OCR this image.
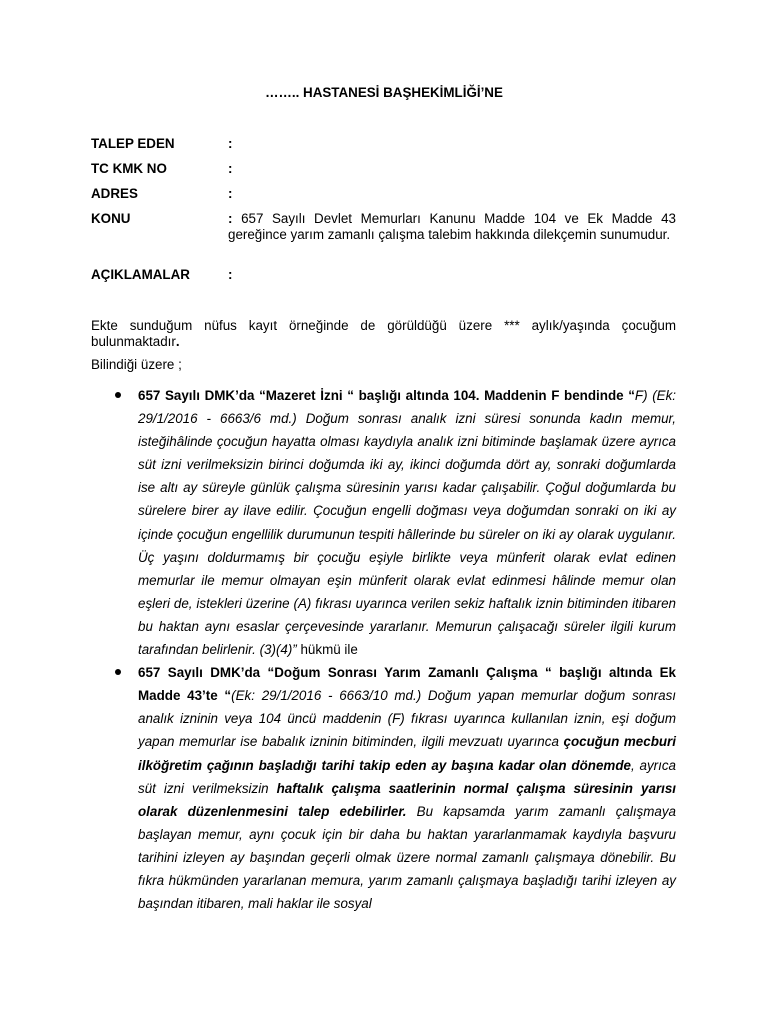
…….. HASTANESİ BAŞHEKİMLİĞİ’NE
TALEP EDEN	:
TC KMK NO	:
ADRES	:
KONU	: 657 Sayılı Devlet Memurları Kanunu Madde 104 ve Ek Madde 43 gereğince yarım zamanlı çalışma talebim hakkında dilekçemin sunumudur.
AÇIKLAMALAR	:
Ekte sunduğum nüfus kayıt örneğinde de görüldüğü üzere *** aylık/yaşında çocuğum bulunmaktadır.
Bilindiği üzere ;
657 Sayılı DMK’da “Mazeret İzni “ başlığı altında 104. Maddenin F bendinde “F) (Ek: 29/1/2016 - 6663/6 md.) Doğum sonrası analık izni süresi sonunda kadın memur, isteğihâlinde çocuğun hayatta olması kaydıyla analık izni bitiminde başlamak üzere ayrıca süt izni verilmeksizin birinci doğumda iki ay, ikinci doğumda dört ay, sonraki doğumlarda ise altı ay süreyle günlük çalışma süresinin yarısı kadar çalışabilir. Çoğul doğumlarda bu sürelere birer ay ilave edilir. Çocuğun engelli doğması veya doğumdan sonraki on iki ay içinde çocuğun engellilik durumunun tespiti hâllerinde bu süreler on iki ay olarak uygulanır. Üç yaşını doldurmamış bir çocuğu eşiyle birlikte veya münferit olarak evlat edinen memurlar ile memur olmayan eşin münferit olarak evlat edinmesi hâlinde memur olan eşleri de, istekleri üzerine (A) fıkrası uyarınca verilen sekiz haftalık iznin bitiminden itibaren bu haktan aynı esaslar çerçevesinde yararlanır. Memurun çalışacağı süreler ilgili kurum tarafından belirlenir. (3)(4)” hükmü ile
657 Sayılı DMK’da “Doğum Sonrası Yarım Zamanlı Çalışma “ başlığı altında Ek Madde 43’te “(Ek: 29/1/2016 - 6663/10 md.) Doğum yapan memurlar doğum sonrası analık izninin veya 104 üncü maddenin (F) fıkrası uyarınca kullanılan iznin, eşi doğum yapan memurlar ise babalık izninin bitiminden, ilgili mevzuatı uyarınca çocuğun mecburi ilköğretim çağının başladığı tarihi takip eden ay başına kadar olan dönemde, ayrıca süt izni verilmeksizin haftalık çalışma saatlerinin normal çalışma süresinin yarısı olarak düzenlenmesini talep edebilirler. Bu kapsamda yarım zamanlı çalışmaya başlayan memur, aynı çocuk için bir daha bu haktan yararlanmamak kaydıyla başvuru tarihini izleyen ay başından geçerli olmak üzere normal zamanlı çalışmaya dönebilir. Bu fıkra hükmünden yararlanan memura, yarım zamanlı çalışmaya başladığı tarihi izleyen ay başından itibaren, mali haklar ile sosyal
